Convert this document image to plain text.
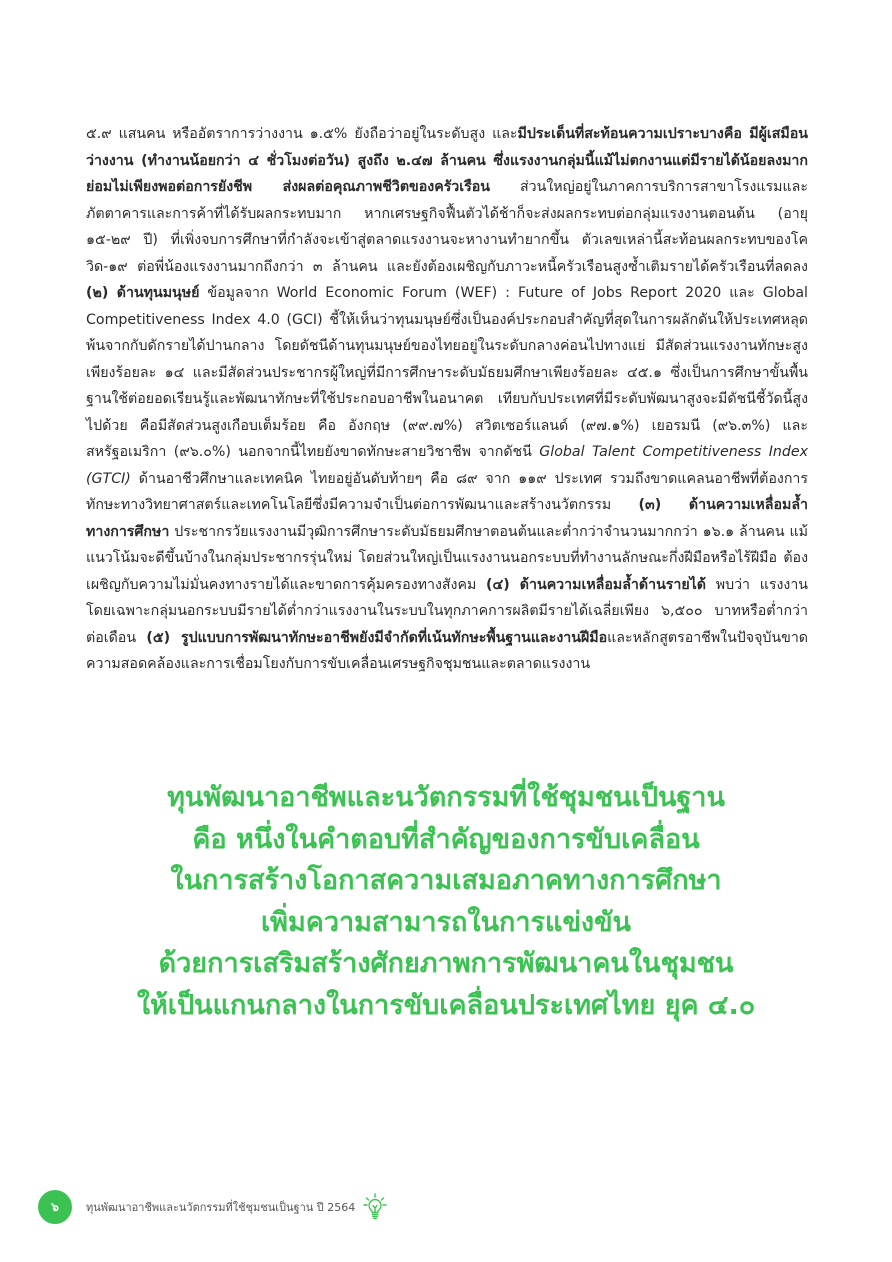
๕.๙ แสนคน หรืออัตราการว่างงาน ๑.๕% ยังถือว่าอยู่ในระดับสูง และมีประเด็นที่สะท้อนความเปราะบางคือ มีผู้เสมือนว่างงาน (ทำงานน้อยกว่า ๔ ชั่วโมงต่อวัน) สูงถึง ๒.๔๗ ล้านคน ซึ่งแรงงานกลุ่มนี้แม้ไม่ตกงานแต่มีรายได้น้อยลงมาก ย่อมไม่เพียงพอต่อการยังชีพ ส่งผลต่อคุณภาพชีวิตของครัวเรือน ส่วนใหญ่อยู่ในภาคการบริการสาขาโรงแรมและภัตตาคารและการค้าที่ได้รับผลกระทบมาก หากเศรษฐกิจฟื้นตัวได้ช้าก็จะส่งผลกระทบต่อกลุ่มแรงงานตอนต้น (อายุ ๑๕-๒๙ ปี) ที่เพิ่งจบการศึกษาที่กำลังจะเข้าสู่ตลาดแรงงานจะหางานทำยากขึ้น ตัวเลขเหล่านี้สะท้อนผลกระทบของโควิด-๑๙ ต่อพี่น้องแรงงานมากถึงกว่า ๓ ล้านคน และยังต้องเผชิญกับภาวะหนี้ครัวเรือนสูงซ้ำเติมรายได้ครัวเรือนที่ลดลง (๒) ด้านทุนมนุษย์ ข้อมูลจาก World Economic Forum (WEF) : Future of Jobs Report 2020 และ Global Competitiveness Index 4.0 (GCI) ชี้ให้เห็นว่าทุนมนุษย์ซึ่งเป็นองค์ประกอบสำคัญที่สุดในการผลักดันให้ประเทศหลุดพ้นจากกับดักรายได้ปานกลาง โดยดัชนีด้านทุนมนุษย์ของไทยอยู่ในระดับกลางค่อนไปทางแย่ มีสัดส่วนแรงงานทักษะสูงเพียงร้อยละ ๑๔ และมีสัดส่วนประชากรผู้ใหญ่ที่มีการศึกษาระดับมัธยมศึกษาเพียงร้อยละ ๔๕.๑ ซึ่งเป็นการศึกษาขั้นพื้นฐานใช้ต่อยอดเรียนรู้และพัฒนาทักษะที่ใช้ประกอบอาชีพในอนาคต เทียบกับประเทศที่มีระดับพัฒนาสูงจะมีดัชนีชี้วัดนี้สูงไปด้วย คือมีสัดส่วนสูงเกือบเต็มร้อย คือ อังกฤษ (๙๙.๗%) สวิตเซอร์แลนด์ (๙๗.๑%) เยอรมนี (๙๖.๓%) และสหรัฐอเมริกา (๙๖.๐%) นอกจากนี้ไทยยังขาดทักษะสายวิชาชีพ จากดัชนี Global Talent Competitiveness Index (GTCI) ด้านอาชีวศึกษาและเทคนิค ไทยอยู่อันดับท้ายๆ คือ ๘๙ จาก ๑๑๙ ประเทศ รวมถึงขาดแคลนอาชีพที่ต้องการทักษะทางวิทยาศาสตร์และเทคโนโลยีซึ่งมีความจำเป็นต่อการพัฒนาและสร้างนวัตกรรม (๓) ด้านความเหลื่อมล้ำทางการศึกษา ประชากรวัยแรงงานมีวุฒิการศึกษาระดับมัธยมศึกษาตอนต้นและต่ำกว่าจำนวนมากกว่า ๑๖.๑ ล้านคน แม้แนวโน้มจะดีขึ้นบ้างในกลุ่มประชากรรุ่นใหม่ โดยส่วนใหญ่เป็นแรงงานนอกระบบที่ทำงานลักษณะกึ่งฝีมือหรือไร้ฝีมือ ต้องเผชิญกับความไม่มั่นคงทางรายได้และขาดการคุ้มครองทางสังคม (๔) ด้านความเหลื่อมล้ำด้านรายได้ พบว่า แรงงานโดยเฉพาะกลุ่มนอกระบบมีรายได้ต่ำกว่าแรงงานในระบบในทุกภาคการผลิตมีรายได้เฉลี่ยเพียง ๖,๕๐๐ บาทหรือต่ำกว่าต่อเดือน (๕) รูปแบบการพัฒนาทักษะอาชีพยังมีจำกัดที่เน้นทักษะพื้นฐานและงานฝีมือและหลักสูตรอาชีพในปัจจุบันขาดความสอดคล้องและการเชื่อมโยงกับการขับเคลื่อนเศรษฐกิจชุมชนและตลาดแรงงาน
ทุนพัฒนาอาชีพและนวัตกรรมที่ใช้ชุมชนเป็นฐาน
คือ หนึ่งในคำตอบที่สำคัญของการขับเคลื่อน
ในการสร้างโอกาสความเสมอภาคทางการศึกษา
เพิ่มความสามารถในการแข่งขัน
ด้วยการเสริมสร้างศักยภาพการพัฒนาคนในชุมชน
ให้เป็นแกนกลางในการขับเคลื่อนประเทศไทย ยุค ๔.๐
๖ ทุนพัฒนาอาชีพและนวัตกรรมที่ใช้ชุมชนเป็นฐาน ปี 2564
